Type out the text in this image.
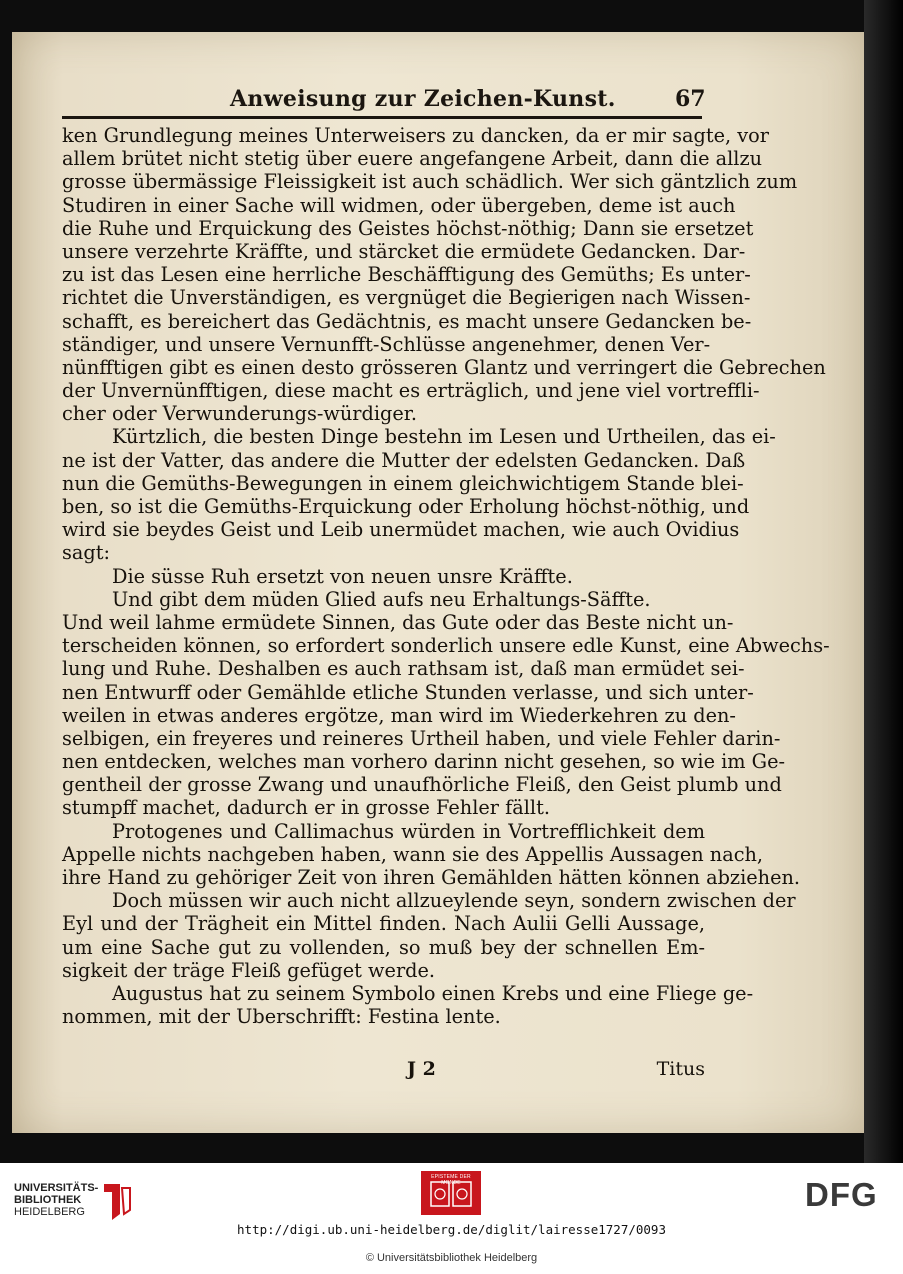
Anweisung zur Zeichen-Kunst.	67
ken Grundlegung meines Unterweisers zu dancken, da er mir sagte, vor
allem brütet nicht stetig über euere angefangene Arbeit, dann die allzu
grosse übermässige Fleissigkeit ist auch schädlich. Wer sich gäntzlich zum
Studiren in einer Sache will widmen, oder übergeben, deme ist auch
die Ruhe und Erquickung des Geistes höchst-nöthig; Dann sie ersetzet
unsere verzehrte Kräffte, und stärcket die ermüdete Gedancken. Dar-
zu ist das Lesen eine herrliche Beschäfftigung des Gemüths; Es unter-
richtet die Unverständigen, es vergnüget die Begierigen nach Wissen-
schafft, es bereichert das Gedächtnis, es macht unsere Gedancken be-
ständiger, und unsere Vernunfft-Schlüsse angenehmer, denen Ver-
nünfftigen gibt es einen desto grösseren Glantz und verringert die Gebrechen
der Unvernünfftigen, diese macht es erträglich, und jene viel vortreffli-
cher oder Verwunderungs-würdiger.
Kürtzlich, die besten Dinge bestehn im Lesen und Urtheilen, das ei-
ne ist der Vatter, das andere die Mutter der edelsten Gedancken. Daß
nun die Gemüths-Bewegungen in einem gleichwichtigem Stande blei-
ben, so ist die Gemüths-Erquickung oder Erholung höchst-nöthig, und
wird sie beydes Geist und Leib unermüdet machen, wie auch Ovidius
sagt:
Die süsse Ruh ersetzt von neuen unsre Kräffte.
Und gibt dem müden Glied aufs neu Erhaltungs-Säffte.
Und weil lahme ermüdete Sinnen, das Gute oder das Beste nicht un-
terscheiden können, so erfordert sonderlich unsere edle Kunst, eine Abwechs-
lung und Ruhe. Deshalben es auch rathsam ist, daß man ermüdet sei-
nen Entwurff oder Gemählde etliche Stunden verlasse, und sich unter-
weilen in etwas anderes ergötze, man wird im Wiederkehren zu den-
selbigen, ein freyeres und reineres Urtheil haben, und viele Fehler darin-
nen entdecken, welches man vorhero darinn nicht gesehen, so wie im Ge-
gentheil der grosse Zwang und unaufhörliche Fleiß, den Geist plumb und
stumpff machet, dadurch er in grosse Fehler fällt.
Protogenes und Callimachus würden in Vortrefflichkeit dem
Appelle nichts nachgeben haben, wann sie des Appellis Aussagen nach,
ihre Hand zu gehöriger Zeit von ihren Gemählden hätten können abziehen.
Doch müssen wir auch nicht allzueylende seyn, sondern zwischen der
Eyl und der Trägheit ein Mittel finden. Nach Aulii Gelli Aussage,
um eine Sache gut zu vollenden, so muß bey der schnellen Em-
sigkeit der träge Fleiß gefüget werde.
Augustus hat zu seinem Symbolo einen Krebs und eine Fliege ge-
nommen, mit der Uberschrifft: Festina lente.
J 2	Titus
UNIVERSITÄTS-
BIBLIOTHEK
HEIDELBERG
EPISTEME DER MONDE	DFG
http://digi.ub.uni-heidelberg.de/diglit/lairesse1727/0093
© Universitätsbibliothek Heidelberg
